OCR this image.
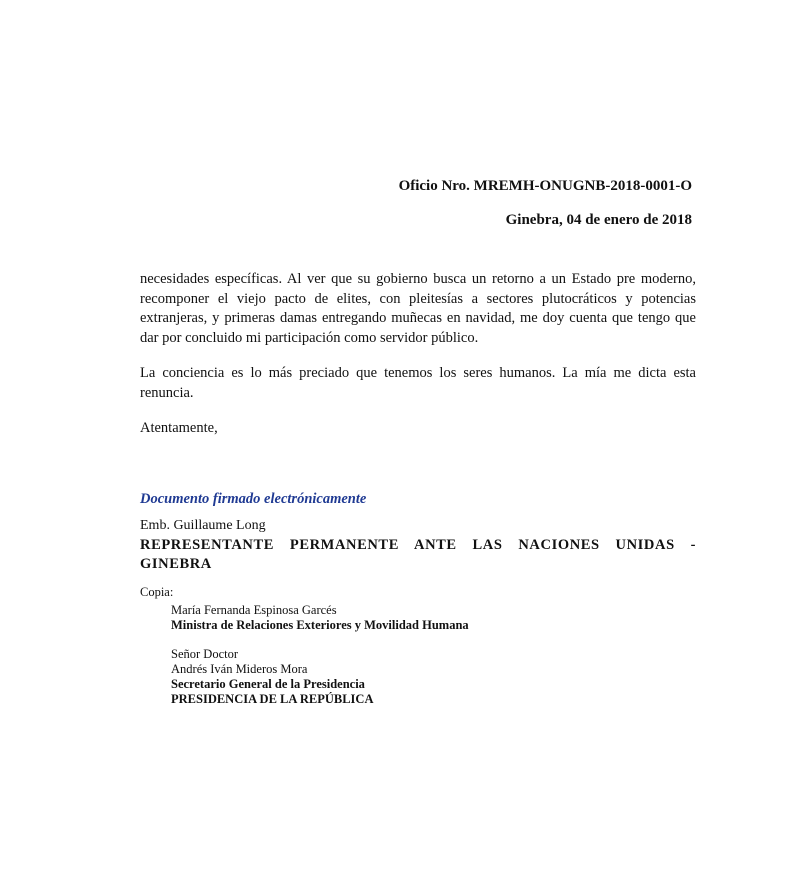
Oficio Nro. MREMH-ONUGNB-2018-0001-O

Ginebra, 04 de enero de 2018

necesidades específicas. Al ver que su gobierno busca un retorno a un Estado pre moderno, recomponer el viejo pacto de elites, con pleitesías a sectores plutocráticos y potencias extranjeras, y primeras damas entregando muñecas en navidad, me doy cuenta que tengo que dar por concluido mi participación como servidor público.

La conciencia es lo más preciado que tenemos los seres humanos. La mía me dicta esta renuncia.

Atentamente,

Documento firmado electrónicamente

Emb. Guillaume Long

REPRESENTANTE PERMANENTE ANTE LAS NACIONES UNIDAS -

GINEBRA

Copia:

María Fernanda Espinosa Garcés

Ministra de Relaciones Exteriores y Movilidad Humana

Señor Doctor

Andrés Iván Mideros Mora

Secretario General de la Presidencia

PRESIDENCIA DE LA REPÚBLICA
